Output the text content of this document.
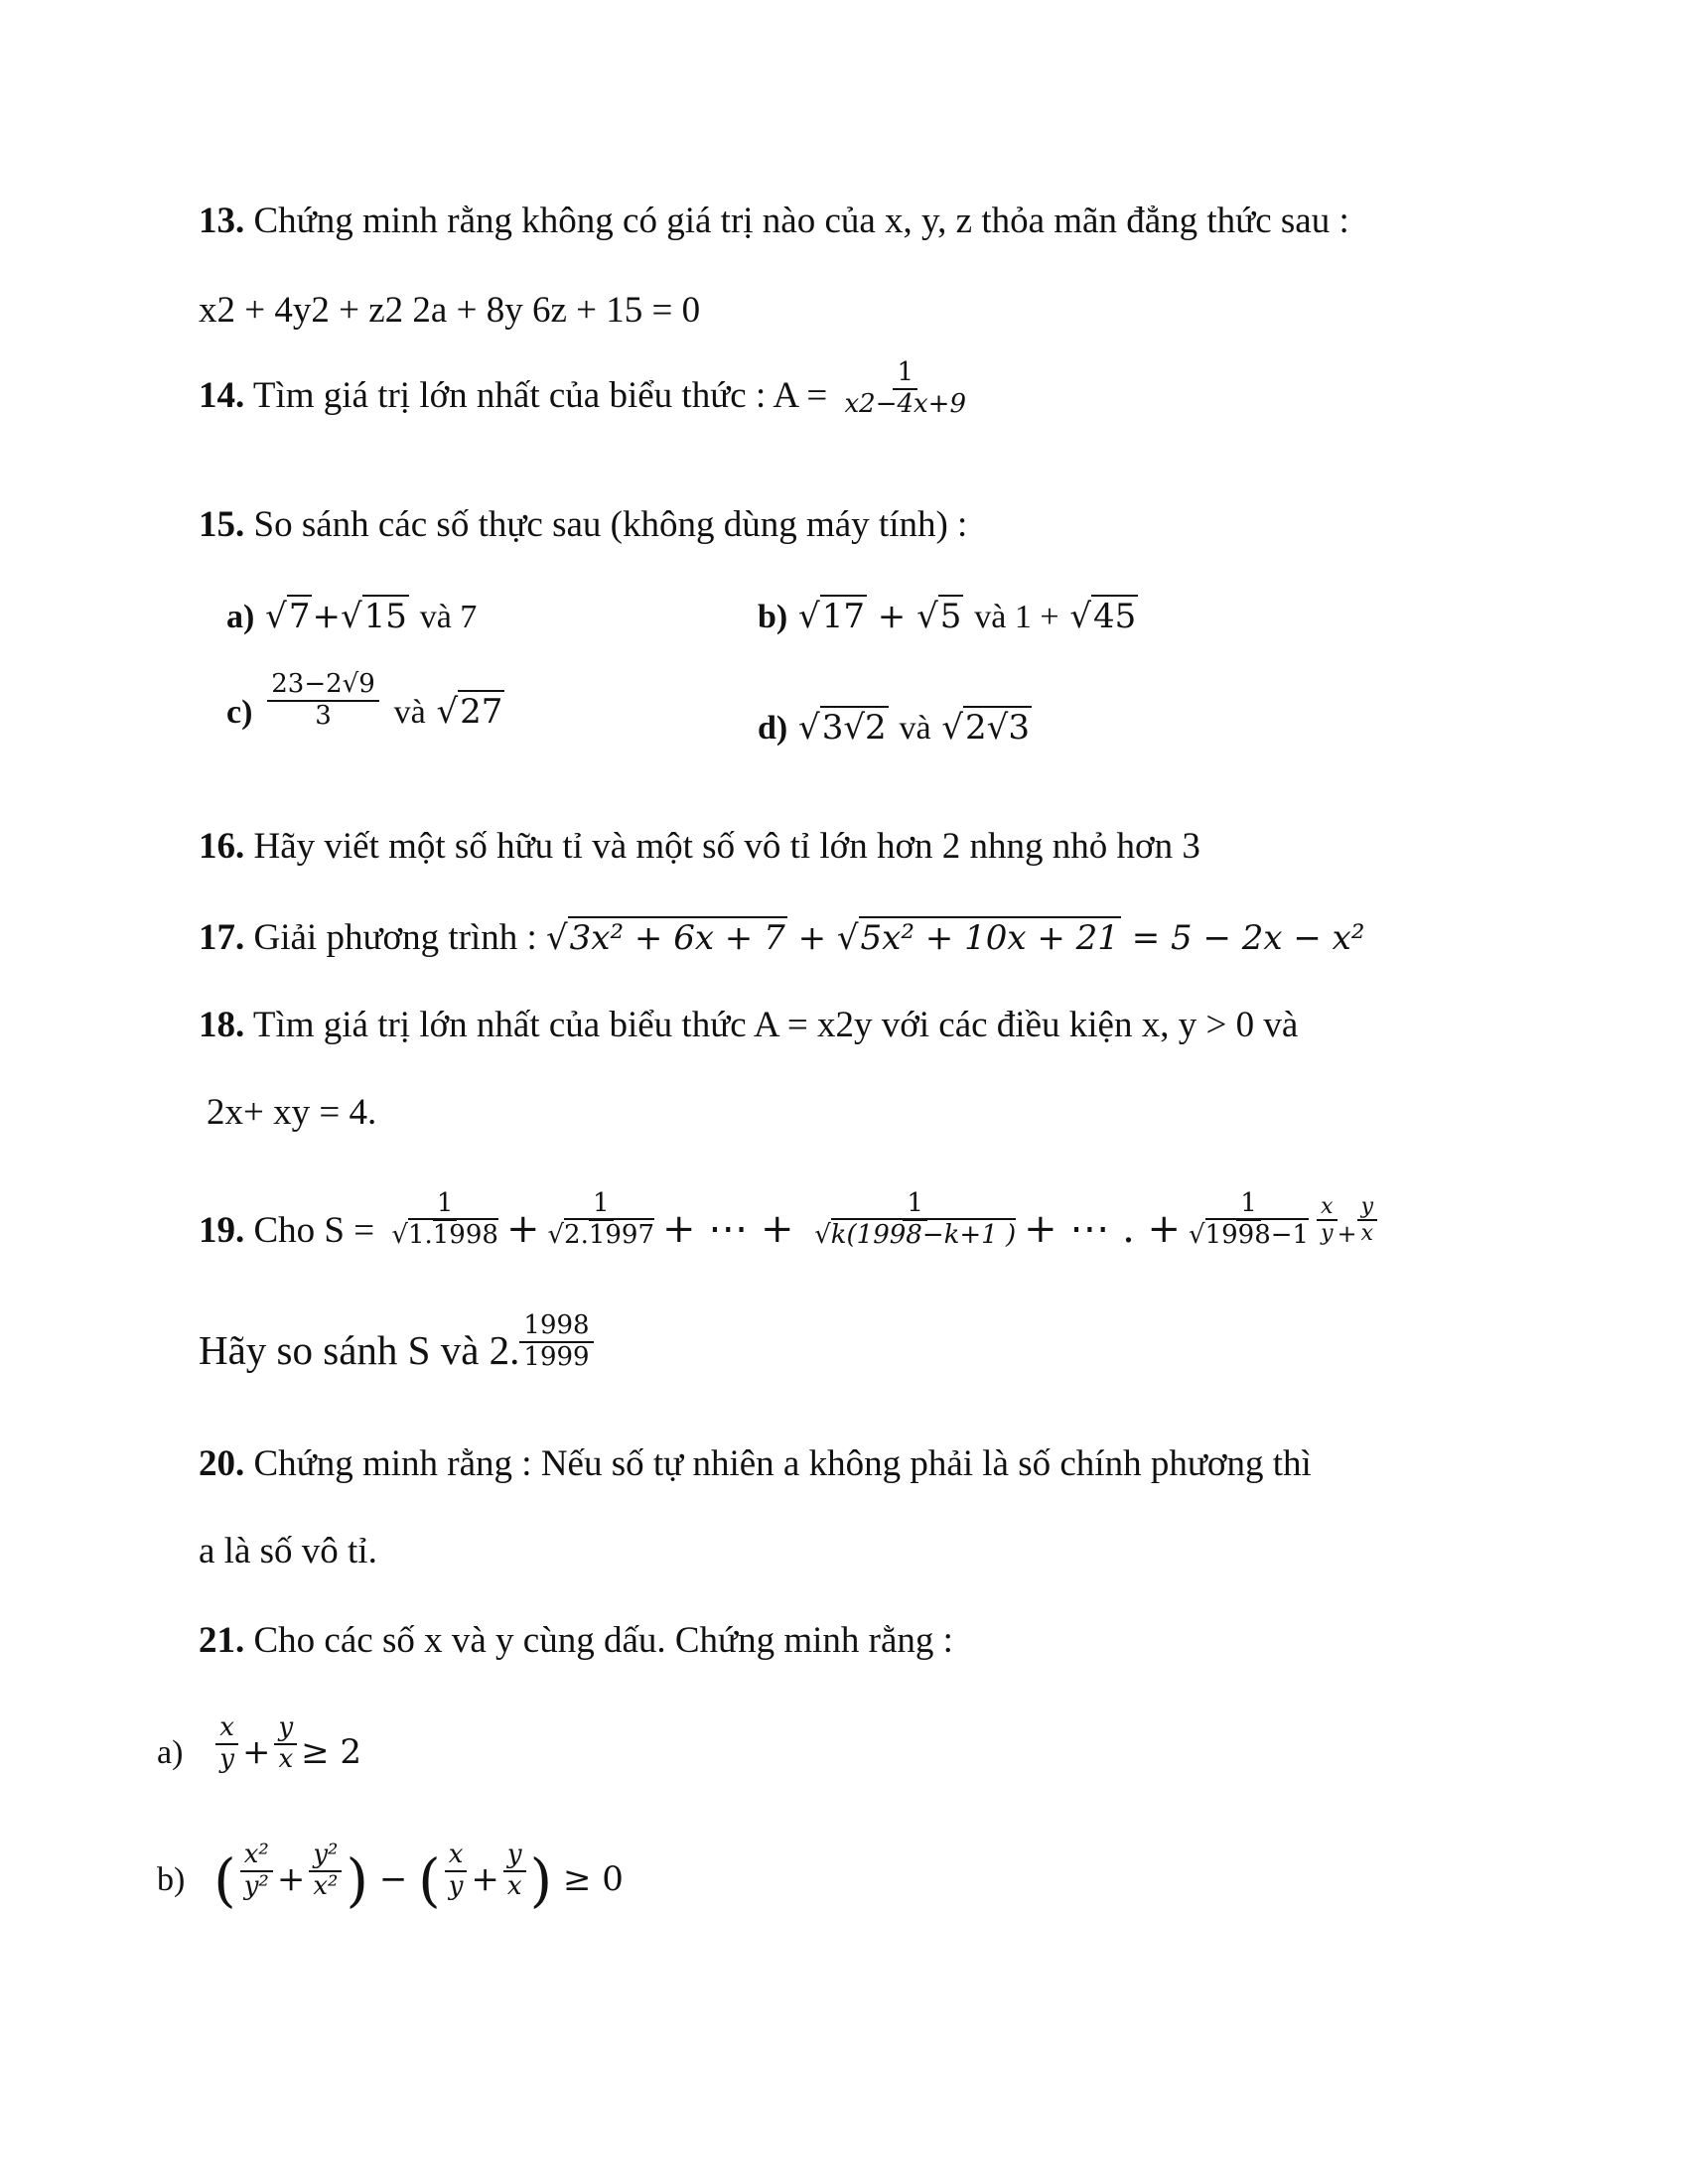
13. Chứng minh rằng không có giá trị nào của x, y, z thỏa mãn đẳng thức sau :
x2 + 4y2 + z2 2a + 8y 6z + 15 = 0
14. Tìm giá trị lớn nhất của biểu thức : $A = \frac{1}{x2-4x+9}$
15. So sánh các số thực sau (không dùng máy tính) :
a) √7+√15 và 7	b) √17 + √5 và 1 + √45
$c) \frac{23-2√9}{3}$ và √27	d) √3√2 và √2√3
16. Hãy viết một số hữu tỉ và một số vô tỉ lớn hơn 2 nhng nhỏ hơn 3
17. Giải phương trình : √3x² + 6x + 7 + √5x² + 10x + 21 = 5 − 2x − x²
18. Tìm giá trị lớn nhất của biểu thức A = x2y với các điều kiện x, y > 0 và
2x+ xy = 4.
19. Cho $S = \frac{1}{√1.1998} + \frac{1}{√2.1997}$ + ⋯ + $\frac{1}{√k(1998-k+1 )}$ + ⋯ . + $\frac{1}{√1998-1} \frac{x}{y} + \frac{y}{x}$
Hãy so sánh S và 2. $\frac{1998}{1999}$
20. Chứng minh rằng : Nếu số tự nhiên a không phải là số chính phương thì
a là số vô tỉ.
21. Cho các số x và y cùng dấu. Chứng minh rằng :
$a) \frac{x}{y} + \frac{y}{x} \ge 2$
b) ( $\frac{\text{x²}}{\text{y²}} + \frac{\text{y²}}{\text{x²}}$ ) − ( $\frac{x}{y} + \frac{y}{x}$ ) ≥ 0
